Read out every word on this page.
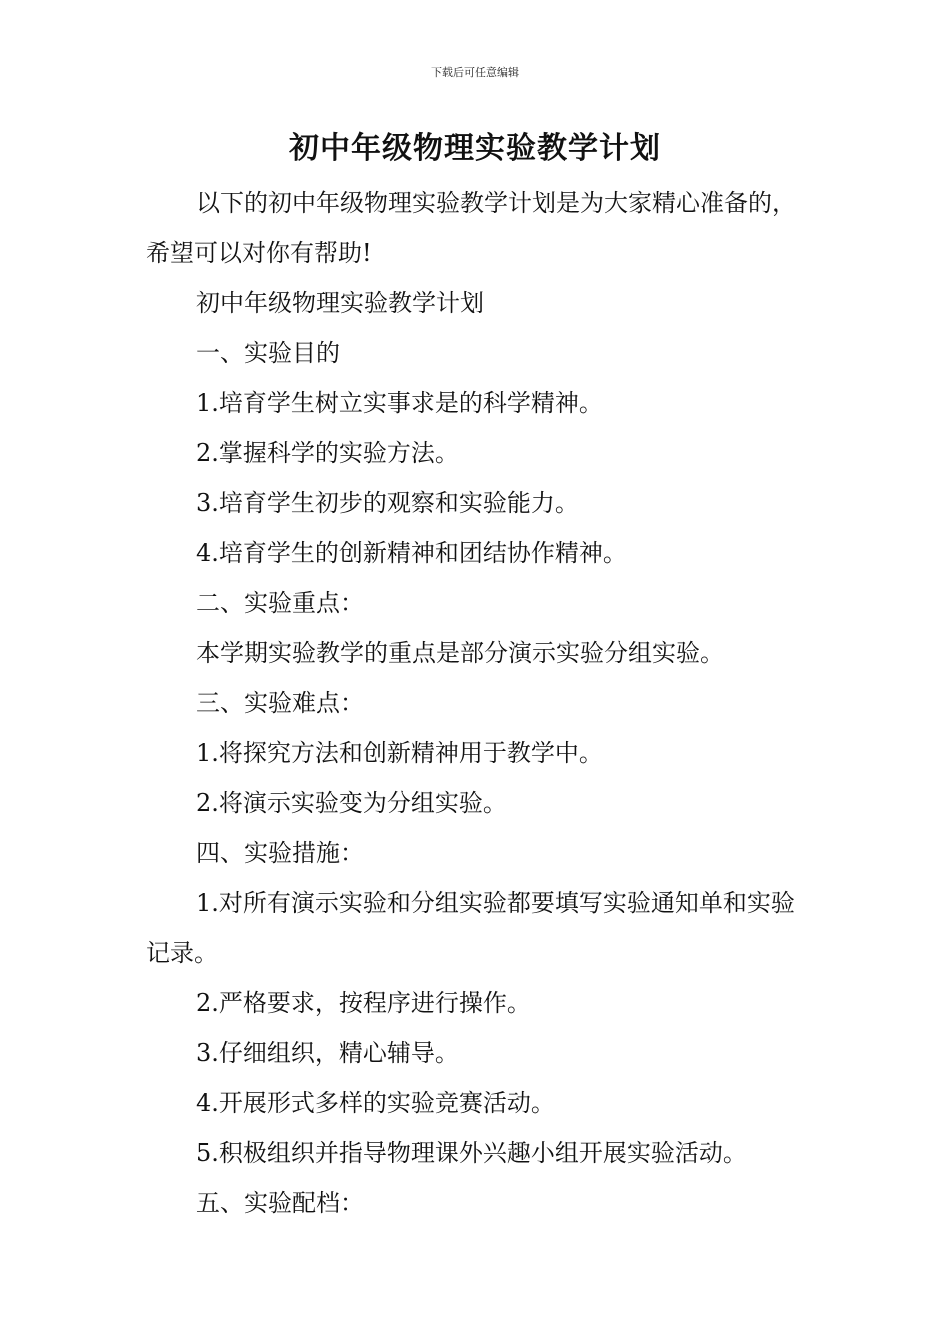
下载后可任意编辑
初中年级物理实验教学计划

以下的初中年级物理实验教学计划是为大家精心准备的，希望可以对你有帮助!

初中年级物理实验教学计划

一、实验目的

1.培育学生树立实事求是的科学精神。

2.掌握科学的实验方法。

3.培育学生初步的观察和实验能力。

4.培育学生的创新精神和团结协作精神。

二、实验重点：

本学期实验教学的重点是部分演示实验分组实验。

三、实验难点：

1.将探究方法和创新精神用于教学中。

2.将演示实验变为分组实验。

四、实验措施：

1.对所有演示实验和分组实验都要填写实验通知单和实验记录。

2.严格要求，按程序进行操作。

3.仔细组织，精心辅导。

4.开展形式多样的实验竞赛活动。

5.积极组织并指导物理课外兴趣小组开展实验活动。

五、实验配档：
